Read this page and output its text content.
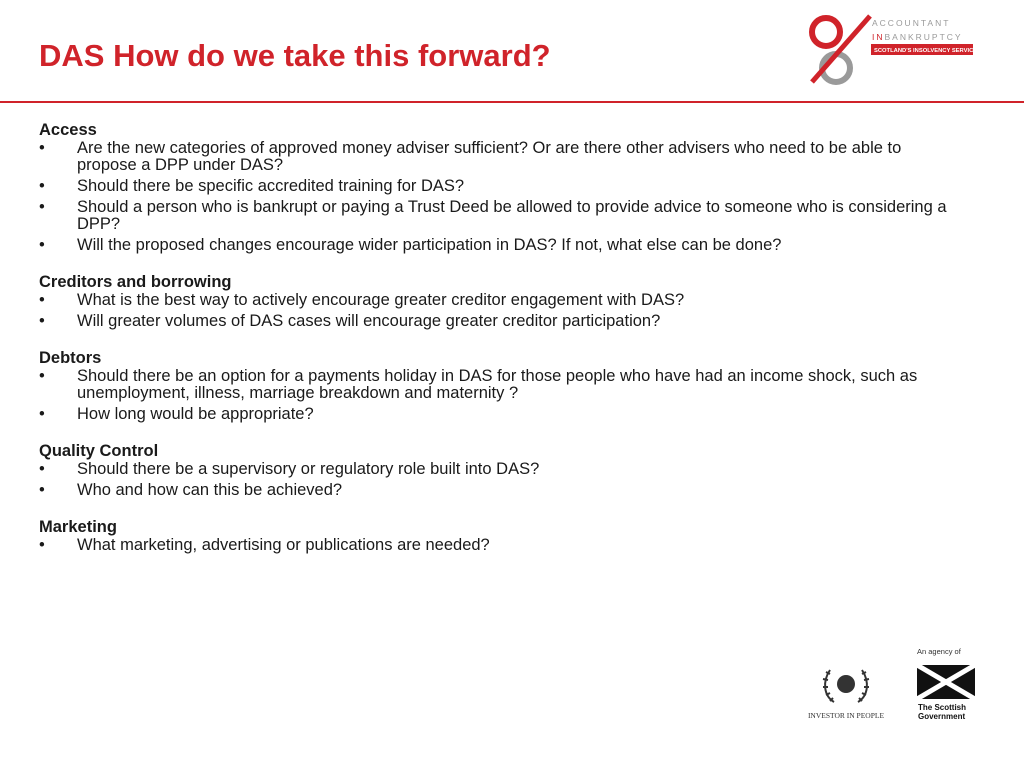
DAS How do we take this forward?
ACCOUNTANT
INBANKRUPTCY
SCOTLAND'S INSOLVENCY SERVICE
Access
• Are the new categories of approved money adviser sufficient? Or are there other advisers who need to be able to propose a DPP under DAS?
• Should there be specific accredited training for DAS?
• Should a person who is bankrupt or paying a Trust Deed be allowed to provide advice to someone who is considering a DPP?
• Will the proposed changes encourage wider participation in DAS? If not, what else can be done?
Creditors and borrowing
• What is the best way to actively encourage greater creditor engagement with DAS?
• Will greater volumes of DAS cases will encourage greater creditor participation?
Debtors
• Should there be an option for a payments holiday in DAS for those people who have had an income shock, such as unemployment, illness, marriage breakdown and maternity ?
• How long would be appropriate?
Quality Control
• Should there be a supervisory or regulatory role built into DAS?
• Who and how can this be achieved?
Marketing
• What marketing, advertising or publications are needed?
INVESTOR IN PEOPLE
An agency of
The Scottish
Government
